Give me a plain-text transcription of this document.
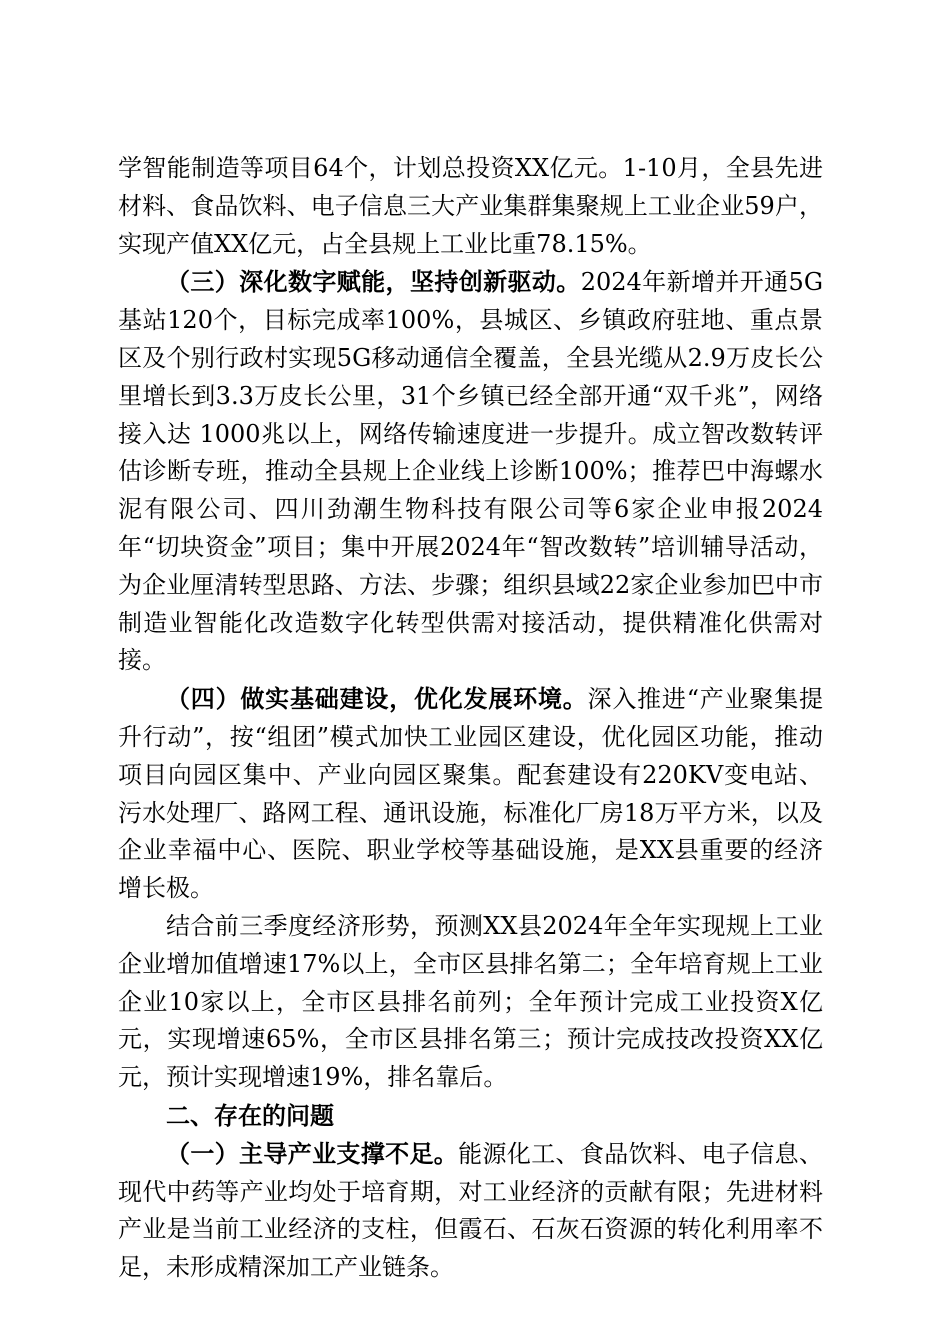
学智能制造等项目64个，计划总投资XX亿元。1-10月，全县先进材料、食品饮料、电子信息三大产业集群集聚规上工业企业59户，实现产值XX亿元，占全县规上工业比重78.15%。

（三）深化数字赋能，坚持创新驱动。2024年新增并开通5G基站120个，目标完成率100%，县城区、乡镇政府驻地、重点景区及个别行政村实现5G移动通信全覆盖，全县光缆从2.9万皮长公里增长到3.3万皮长公里，31个乡镇已经全部开通“双千兆”，网络接入达 1000兆以上，网络传输速度进一步提升。成立智改数转评估诊断专班，推动全县规上企业线上诊断100%；推荐巴中海螺水泥有限公司、四川劲潮生物科技有限公司等6家企业申报2024年“切块资金”项目；集中开展2024年“智改数转”培训辅导活动，为企业厘清转型思路、方法、步骤；组织县域22家企业参加巴中市制造业智能化改造数字化转型供需对接活动，提供精准化供需对接。

（四）做实基础建设，优化发展环境。深入推进“产业聚集提升行动”，按“组团”模式加快工业园区建设，优化园区功能，推动项目向园区集中、产业向园区聚集。配套建设有220KV变电站、污水处理厂、路网工程、通讯设施，标准化厂房18万平方米，以及企业幸福中心、医院、职业学校等基础设施，是XX县重要的经济增长极。

结合前三季度经济形势，预测XX县2024年全年实现规上工业企业增加值增速17%以上，全市区县排名第二；全年培育规上工业企业10家以上，全市区县排名前列；全年预计完成工业投资X亿元，实现增速65%，全市区县排名第三；预计完成技改投资XX亿元，预计实现增速19%，排名靠后。

二、存在的问题

（一）主导产业支撑不足。能源化工、食品饮料、电子信息、现代中药等产业均处于培育期，对工业经济的贡献有限；先进材料产业是当前工业经济的支柱，但霞石、石灰石资源的转化利用率不足，未形成精深加工产业链条。
